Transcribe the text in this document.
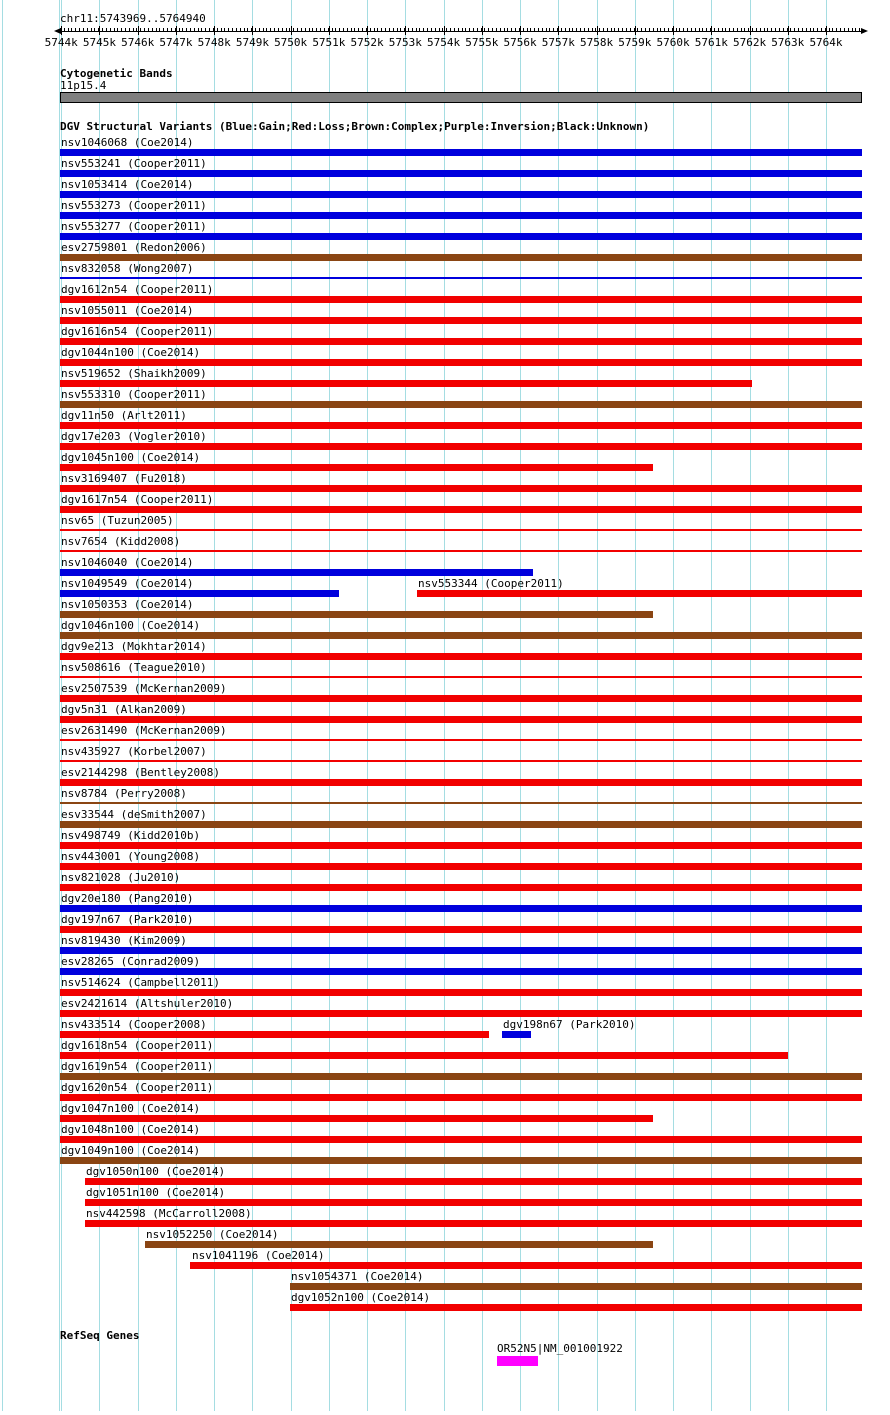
chr11:5743969..5764940
5744k 5745k 5746k 5747k 5748k 5749k 5750k 5751k 5752k 5753k 5754k 5755k 5756k 5757k 5758k 5759k 5760k 5761k 5762k 5763k 5764k
Cytogenetic Bands
11p15.4
DGV Structural Variants (Blue:Gain;Red:Loss;Brown:Complex;Purple:Inversion;Black:Unknown)
nsv1046068 (Coe2014)
nsv553241 (Cooper2011)
nsv1053414 (Coe2014)
nsv553273 (Cooper2011)
nsv553277 (Cooper2011)
esv2759801 (Redon2006)
nsv832058 (Wong2007)
dgv1612n54 (Cooper2011)
nsv1055011 (Coe2014)
dgv1616n54 (Cooper2011)
dgv1044n100 (Coe2014)
nsv519652 (Shaikh2009)
nsv553310 (Cooper2011)
dgv11n50 (Arlt2011)
dgv17e203 (Vogler2010)
dgv1045n100 (Coe2014)
nsv3169407 (Fu2018)
dgv1617n54 (Cooper2011)
nsv65 (Tuzun2005)
nsv7654 (Kidd2008)
nsv1046040 (Coe2014)
nsv1049549 (Coe2014)	nsv553344 (Cooper2011)
nsv1050353 (Coe2014)
dgv1046n100 (Coe2014)
dgv9e213 (Mokhtar2014)
nsv508616 (Teague2010)
esv2507539 (McKernan2009)
dgv5n31 (Alkan2009)
esv2631490 (McKernan2009)
nsv435927 (Korbel2007)
esv2144298 (Bentley2008)
nsv8784 (Perry2008)
esv33544 (deSmith2007)
nsv498749 (Kidd2010b)
nsv443001 (Young2008)
nsv821028 (Ju2010)
dgv20e180 (Pang2010)
dgv197n67 (Park2010)
nsv819430 (Kim2009)
esv28265 (Conrad2009)
nsv514624 (Campbell2011)
esv2421614 (Altshuler2010)
nsv433514 (Cooper2008)	dgv198n67 (Park2010)
dgv1618n54 (Cooper2011)
dgv1619n54 (Cooper2011)
dgv1620n54 (Cooper2011)
dgv1047n100 (Coe2014)
dgv1048n100 (Coe2014)
dgv1049n100 (Coe2014)
dgv1050n100 (Coe2014)
dgv1051n100 (Coe2014)
nsv442598 (McCarroll2008)
nsv1052250 (Coe2014)
nsv1041196 (Coe2014)
nsv1054371 (Coe2014)
dgv1052n100 (Coe2014)
RefSeq Genes
OR52N5|NM_001001922
